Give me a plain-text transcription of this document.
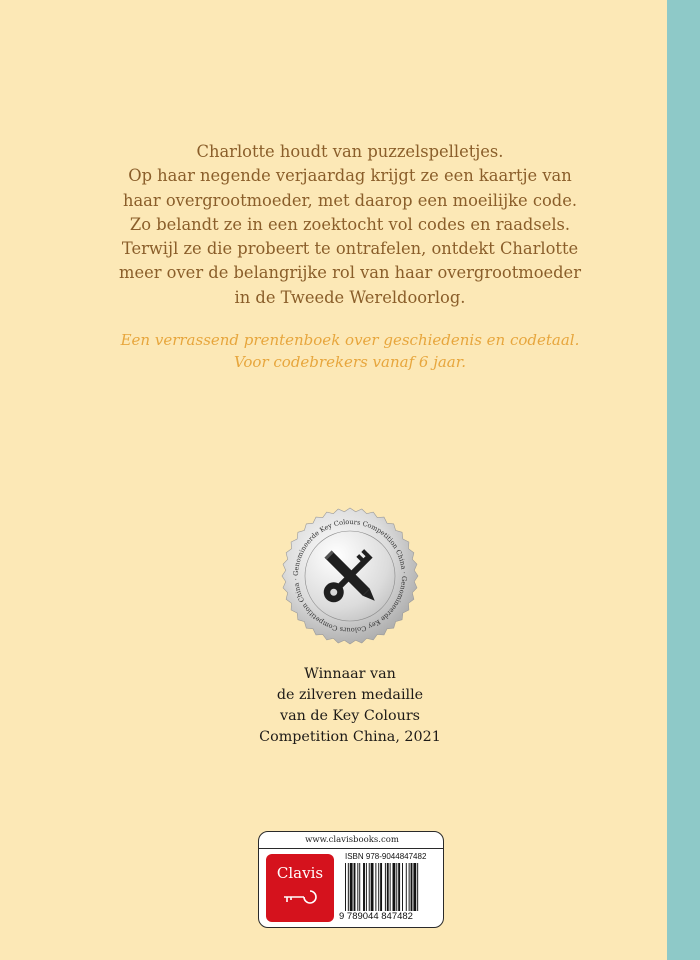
Charlotte houdt van puzzelspelletjes.
Op haar negende verjaardag krijgt ze een kaartje van
haar overgrootmoeder, met daarop een moeilijke code.
Zo belandt ze in een zoektocht vol codes en raadsels.
Terwijl ze die probeert te ontrafelen, ontdekt Charlotte
meer over de belangrijke rol van haar overgrootmoeder
in de Tweede Wereldoorlog.
Een verrassend prentenboek over geschiedenis en codetaal.
Voor codebrekers vanaf 6 jaar.
Genomineerde Key Colours Competition China · Genomineerde Key Colours Competition China ·
Winnaar van
de zilveren medaille
van de Key Colours
Competition China, 2021
www.clavisbooks.com
Clavis
ISBN 978-9044847482
9 789044 847482
